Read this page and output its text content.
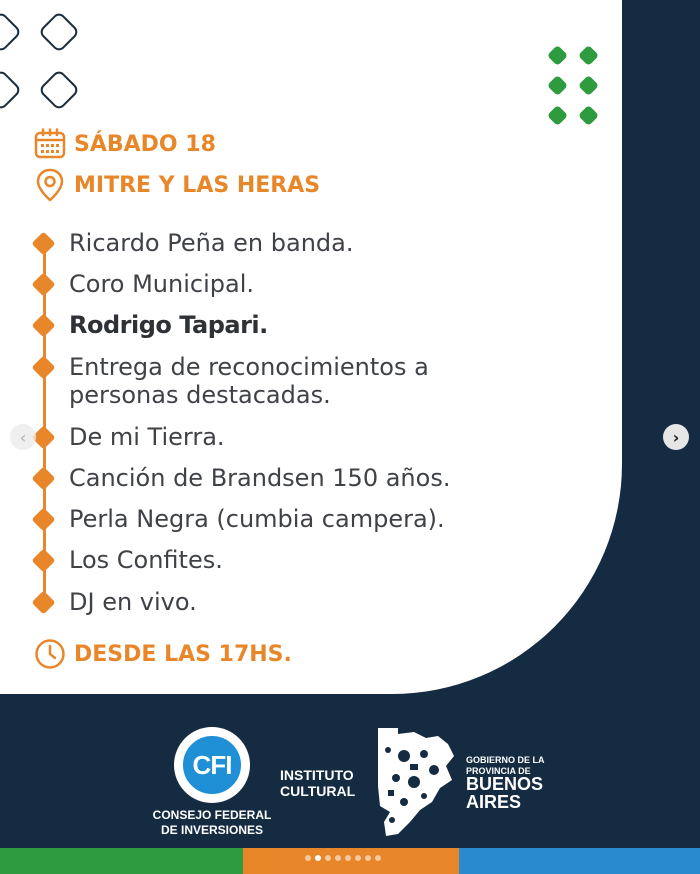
SÁBADO 18
MITRE Y LAS HERAS
Ricardo Peña en banda.
Coro Municipal.
Rodrigo Tapari.
Entrega de reconocimientos a
personas destacadas.
De mi Tierra.
Canción de Brandsen 150 años.
Perla Negra (cumbia campera).
Los Confites.
DJ en vivo.
DESDE LAS 17HS.
‹	›
CFI
CONSEJO FEDERAL
DE INVERSIONES
INSTITUTO
CULTURAL
GOBIERNO DE LA
PROVINCIA DE
BUENOS
AIRES
